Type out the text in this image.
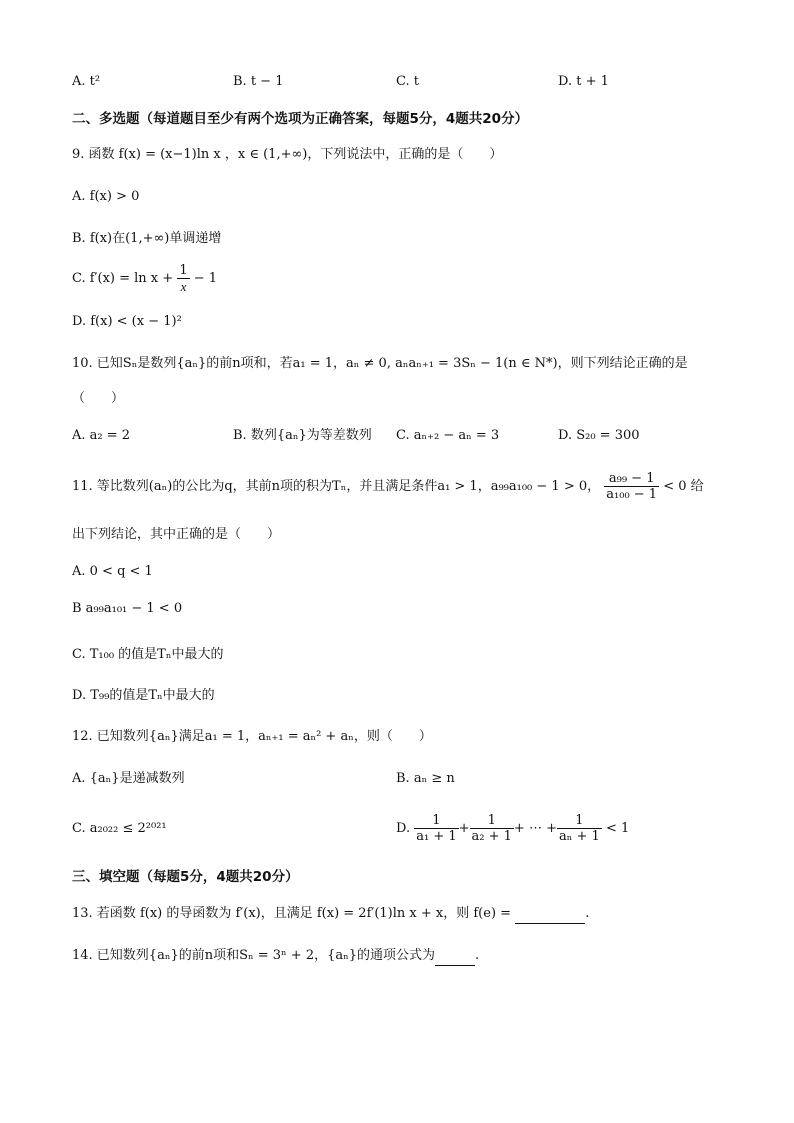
A. t²	B. t − 1	C. t	D. t + 1
二、多选题（每道题目至少有两个选项为正确答案，每题5分，4题共20分）
9. 函数 f(x) = (x−1)ln x ，x ∈ (1,+∞)，下列说法中，正确的是（　　）
A. f(x) > 0
B. f(x)在(1,+∞)单调递增
C. $f'(x) = \ln x + \frac{1}{x} - 1$
D. f(x) < (x − 1)²
10. 已知Sₙ是数列{aₙ}的前n项和，若a₁ = 1，aₙ ≠ 0, aₙaₙ₊₁ = 3Sₙ − 1(n ∈ N*)，则下列结论正确的是
（　　）
A. a₂ = 2	B. 数列{aₙ}为等差数列 C. aₙ₊₂ − aₙ = 3	D. S₂₀ = 300
11. 等比数列(aₙ)的公比为q，其前n项的积为Tₙ，并且满足条件a₁ > 1，a₉₉a₁₀₀ − 1 > 0， $\frac{\text{a₉₉ − 1}}{\text{a₁₀₀ − 1}} < 0$ 给
出下列结论，其中正确的是（　　）
A. 0 < q < 1
B a₉₉a₁₀₁ − 1 < 0
C. T₁₀₀ 的值是Tₙ中最大的
D. T₉₉的值是Tₙ中最大的
12. 已知数列{aₙ}满足a₁ = 1，aₙ₊₁ = aₙ² + aₙ，则（　　）
A. {aₙ}是递减数列	B. aₙ ≥ n
C. a₂₀₂₂ ≤ 2²⁰²¹	D. $\frac{1}{\text{a₁ + 1}} + \frac{1}{\text{a₂ + 1}}$ + ⋯ + $\frac{1}{\text{aₙ + 1}} < 1$
三、填空题（每题5分，4题共20分）
13. 若函数 f(x) 的导函数为 f′(x)，且满足 f(x) = 2f′(1)ln x + x，则 f(e) =	.
14. 已知数列{aₙ}的前n项和Sₙ = 3ⁿ + 2，{aₙ}的通项公式为	.
